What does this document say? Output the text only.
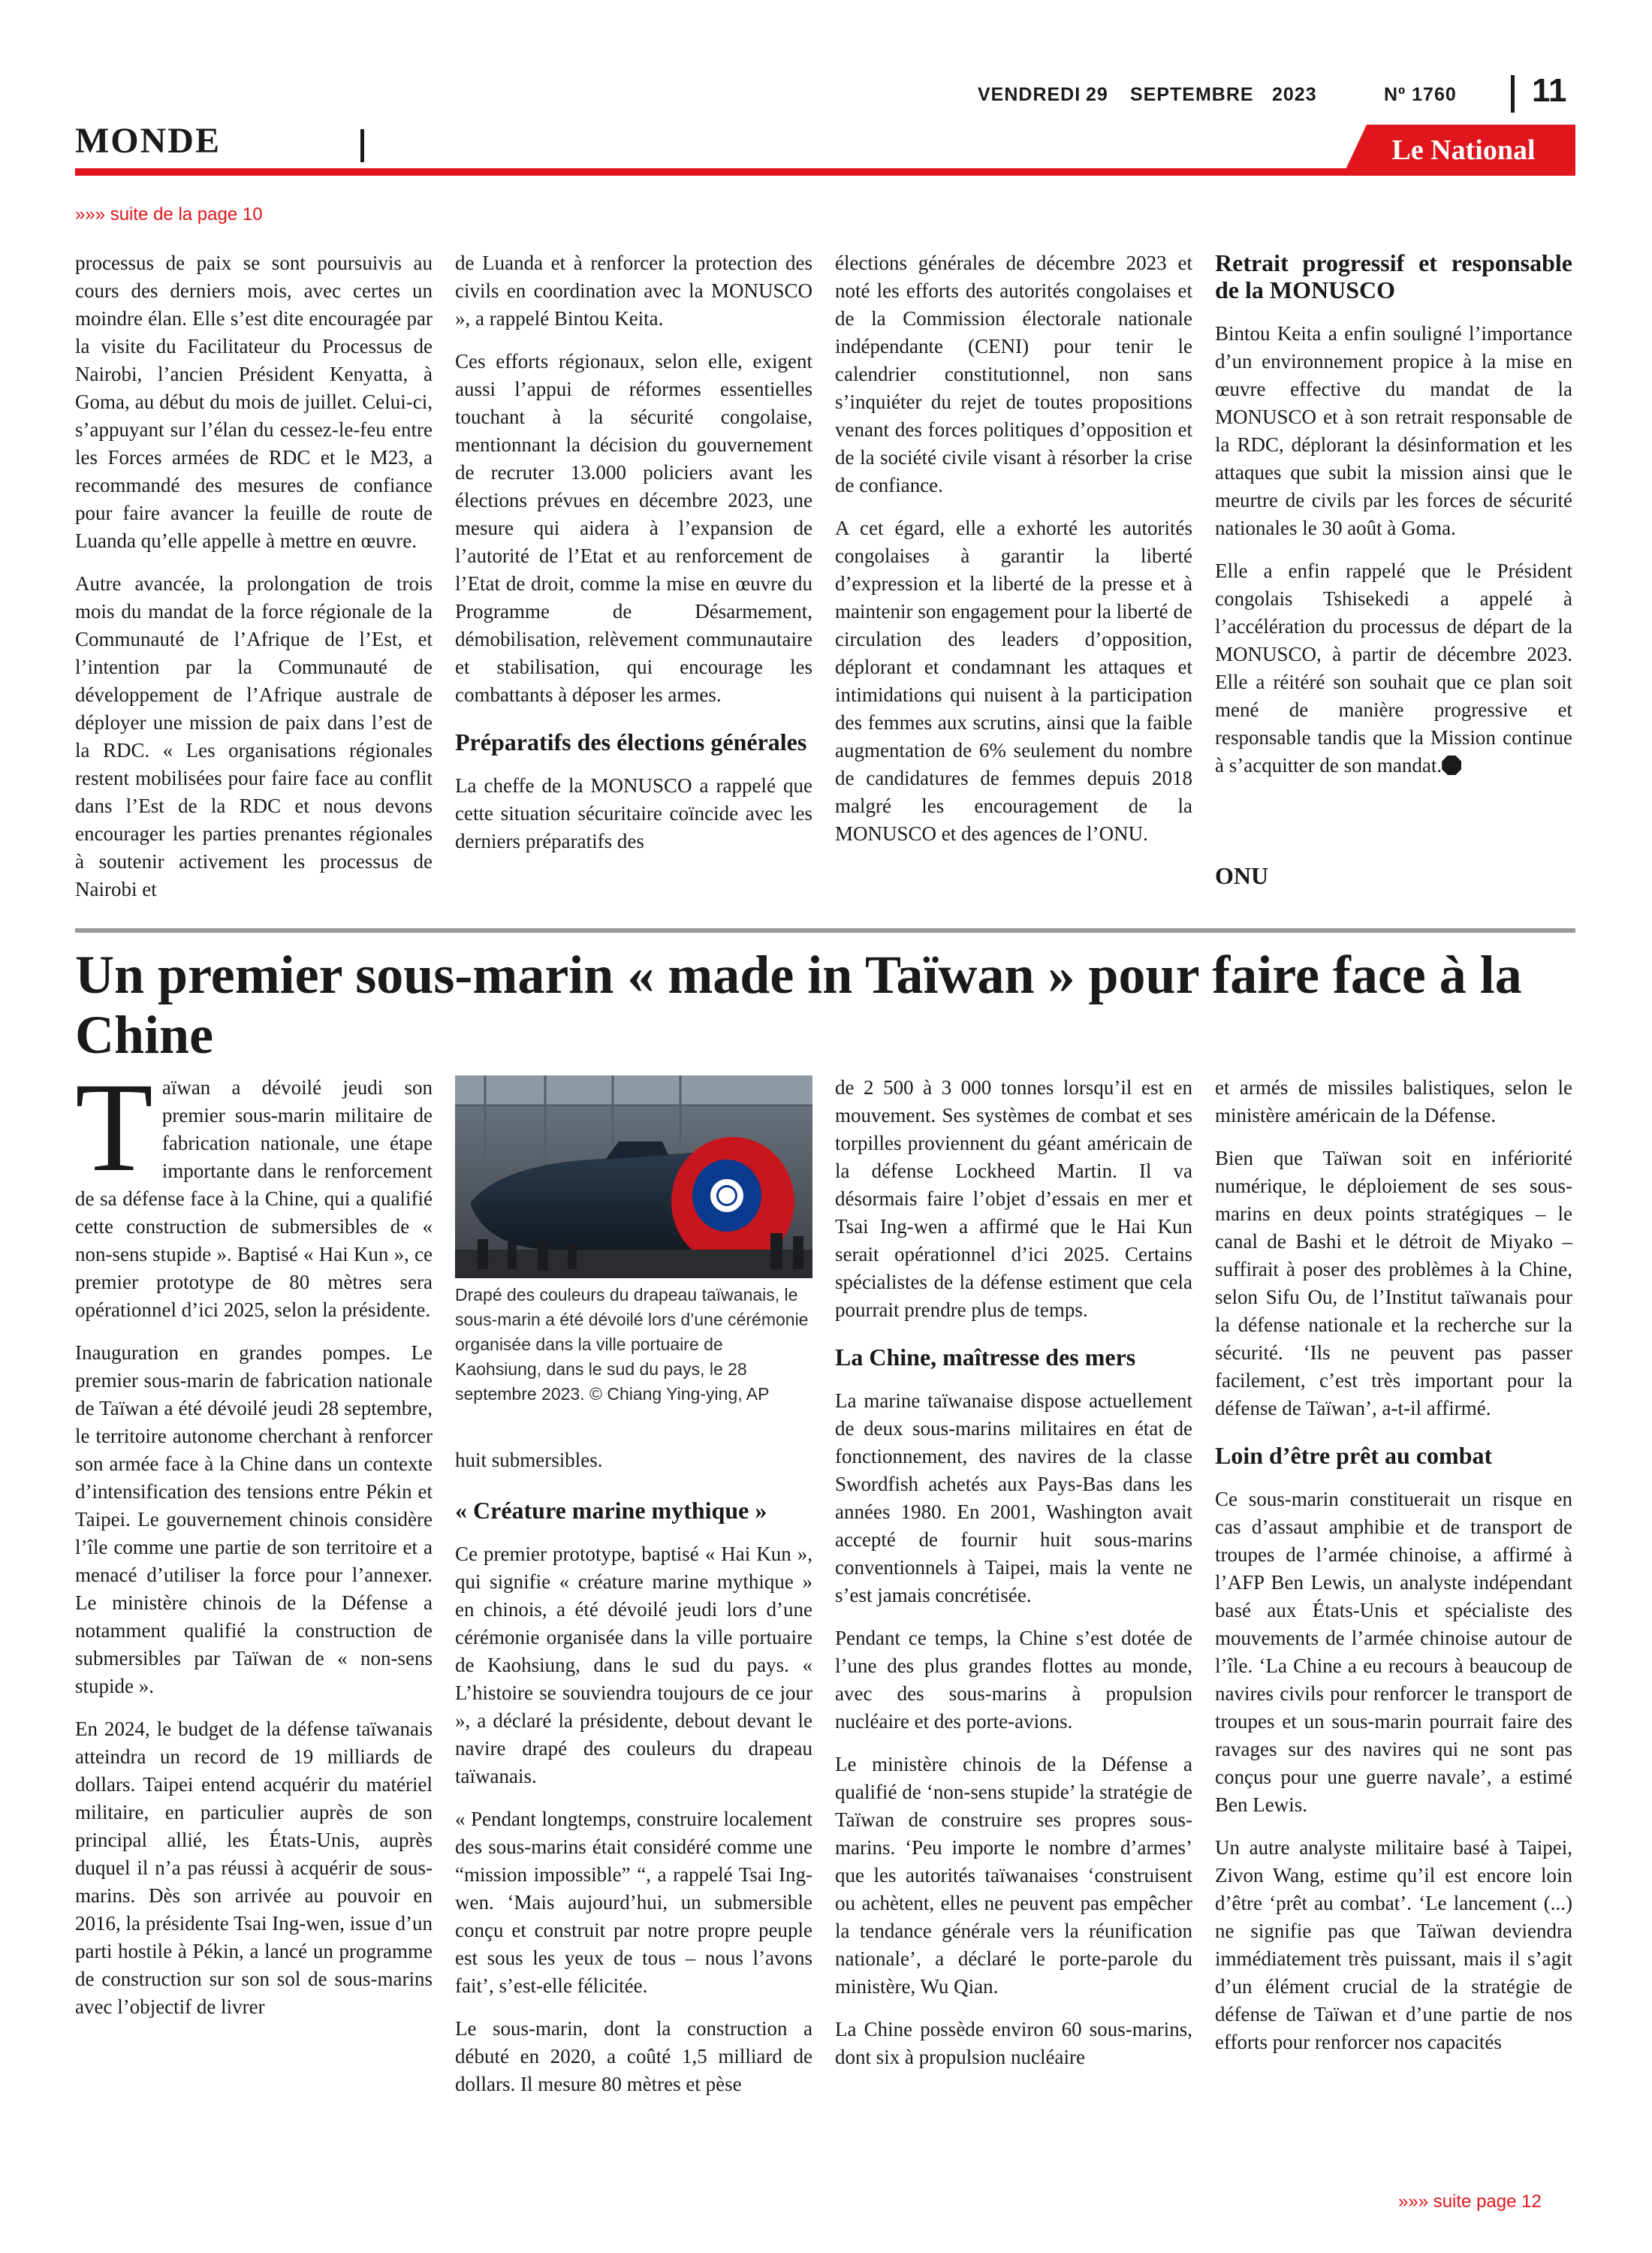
VENDREDI 29 SEPTEMBRE 2023	Nº 1760 11
MONDE	Le National
»»» suite de la page 10

processus de paix se sont poursuivis au cours des derniers mois, avec certes un moindre élan. Elle s’est dite encouragée par la visite du Facilitateur du Processus de Nairobi, l’ancien Président Kenyatta, à Goma, au début du mois de juillet. Celui-ci, s’appuyant sur l’élan du cessez-le-feu entre les Forces armées de RDC et le M23, a recommandé des mesures de confiance pour faire avancer la feuille de route de Luanda qu’elle appelle à mettre en œuvre.

Autre avancée, la prolongation de trois mois du mandat de la force régionale de la Communauté de l’Afrique de l’Est, et l’intention par la Communauté de développement de l’Afrique australe de déployer une mission de paix dans l’est de la RDC. « Les organisations régionales restent mobilisées pour faire face au conflit dans l’Est de la RDC et nous devons encourager les parties prenantes régionales à soutenir activement les processus de Nairobi et

de Luanda et à renforcer la protection des civils en coordination avec la MONUSCO », a rappelé Bintou Keita.

Ces efforts régionaux, selon elle, exigent aussi l’appui de réformes essentielles touchant à la sécurité congolaise, mentionnant la décision du gouvernement de recruter 13.000 policiers avant les élections prévues en décembre 2023, une mesure qui aidera à l’expansion de l’autorité de l’Etat et au renforcement de l’Etat de droit, comme la mise en œuvre du Programme de Désarmement, démobilisation, relèvement communautaire et stabilisation, qui encourage les combattants à déposer les armes.

Préparatifs des élections générales

La cheffe de la MONUSCO a rappelé que cette situation sécuritaire coïncide avec les derniers préparatifs des

élections générales de décembre 2023 et noté les efforts des autorités congolaises et de la Commission électorale nationale indépendante (CENI) pour tenir le calendrier constitutionnel, non sans s’inquiéter du rejet de toutes propositions venant des forces politiques d’opposition et de la société civile visant à résorber la crise de confiance.

A cet égard, elle a exhorté les autorités congolaises à garantir la liberté d’expression et la liberté de la presse et à maintenir son engagement pour la liberté de circulation des leaders d’opposition, déplorant et condamnant les attaques et intimidations qui nuisent à la participation des femmes aux scrutins, ainsi que la faible augmentation de 6% seulement du nombre de candidatures de femmes depuis 2018 malgré les encouragement de la MONUSCO et des agences de l’ONU.

Retrait progressif et responsable de la MONUSCO

Bintou Keita a enfin souligné l’importance d’un environnement propice à la mise en œuvre effective du mandat de la MONUSCO et à son retrait responsable de la RDC, déplorant la désinformation et les attaques que subit la mission ainsi que le meurtre de civils par les forces de sécurité nationales le 30 août à Goma.

Elle a enfin rappelé que le Président congolais Tshisekedi a appelé à l’accélération du processus de départ de la MONUSCO, à partir de décembre 2023. Elle a réitéré son souhait que ce plan soit mené de manière progressive et responsable tandis que la Mission continue à s’acquitter de son mandat.

ONU
Un premier sous-marin « made in Taïwan » pour faire face à la Chine

Taïwan a dévoilé jeudi son premier sous-marin militaire de fabrication nationale, une étape importante dans le renforcement de sa défense face à la Chine, qui a qualifié cette construction de submersibles de « non-sens stupide ». Baptisé « Hai Kun », ce premier prototype de 80 mètres sera opérationnel d’ici 2025, selon la présidente.

Inauguration en grandes pompes. Le premier sous-marin de fabrication nationale de Taïwan a été dévoilé jeudi 28 septembre, le territoire autonome cherchant à renforcer son armée face à la Chine dans un contexte d’intensification des tensions entre Pékin et Taipei. Le gouvernement chinois considère l’île comme une partie de son territoire et a menacé d’utiliser la force pour l’annexer. Le ministère chinois de la Défense a notamment qualifié la construction de submersibles par Taïwan de « non-sens stupide ».

En 2024, le budget de la défense taïwanais atteindra un record de 19 milliards de dollars. Taipei entend acquérir du matériel militaire, en particulier auprès de son principal allié, les États-Unis, auprès duquel il n’a pas réussi à acquérir de sous-marins. Dès son arrivée au pouvoir en 2016, la présidente Tsai Ing-wen, issue d’un parti hostile à Pékin, a lancé un programme de construction sur son sol de sous-marins avec l’objectif de livrer

Drapé des couleurs du drapeau taïwanais, le sous-marin a été dévoilé lors d’une cérémonie organisée dans la ville portuaire de Kaohsiung, dans le sud du pays, le 28 septembre 2023. © Chiang Ying-ying, AP

huit submersibles.

« Créature marine mythique »

Ce premier prototype, baptisé « Hai Kun », qui signifie « créature marine mythique » en chinois, a été dévoilé jeudi lors d’une cérémonie organisée dans la ville portuaire de Kaohsiung, dans le sud du pays. « L’histoire se souviendra toujours de ce jour », a déclaré la présidente, debout devant le navire drapé des couleurs du drapeau taïwanais.

« Pendant longtemps, construire localement des sous-marins était considéré comme une “mission impossible” “, a rappelé Tsai Ing-wen. ‘Mais aujourd’hui, un submersible conçu et construit par notre propre peuple est sous les yeux de tous – nous l’avons fait’, s’est-elle félicitée.

Le sous-marin, dont la construction a débuté en 2020, a coûté 1,5 milliard de dollars. Il mesure 80 mètres et pèse

de 2 500 à 3 000 tonnes lorsqu’il est en mouvement. Ses systèmes de combat et ses torpilles proviennent du géant américain de la défense Lockheed Martin. Il va désormais faire l’objet d’essais en mer et Tsai Ing-wen a affirmé que le Hai Kun serait opérationnel d’ici 2025. Certains spécialistes de la défense estiment que cela pourrait prendre plus de temps.

La Chine, maîtresse des mers

La marine taïwanaise dispose actuellement de deux sous-marins militaires en état de fonctionnement, des navires de la classe Swordfish achetés aux Pays-Bas dans les années 1980. En 2001, Washington avait accepté de fournir huit sous-marins conventionnels à Taipei, mais la vente ne s’est jamais concrétisée.

Pendant ce temps, la Chine s’est dotée de l’une des plus grandes flottes au monde, avec des sous-marins à propulsion nucléaire et des porte-avions.

Le ministère chinois de la Défense a qualifié de ‘non-sens stupide’ la stratégie de Taïwan de construire ses propres sous-marins. ‘Peu importe le nombre d’armes’ que les autorités taïwanaises ‘construisent ou achètent, elles ne peuvent pas empêcher la tendance générale vers la réunification nationale’, a déclaré le porte-parole du ministère, Wu Qian.

La Chine possède environ 60 sous-marins, dont six à propulsion nucléaire

et armés de missiles balistiques, selon le ministère américain de la Défense.

Bien que Taïwan soit en infériorité numérique, le déploiement de ses sous-marins en deux points stratégiques – le canal de Bashi et le détroit de Miyako – suffirait à poser des problèmes à la Chine, selon Sifu Ou, de l’Institut taïwanais pour la défense nationale et la recherche sur la sécurité. ‘Ils ne peuvent pas passer facilement, c’est très important pour la défense de Taïwan’, a-t-il affirmé.

Loin d’être prêt au combat

Ce sous-marin constituerait un risque en cas d’assaut amphibie et de transport de troupes de l’armée chinoise, a affirmé à l’AFP Ben Lewis, un analyste indépendant basé aux États-Unis et spécialiste des mouvements de l’armée chinoise autour de l’île. ‘La Chine a eu recours à beaucoup de navires civils pour renforcer le transport de troupes et un sous-marin pourrait faire des ravages sur des navires qui ne sont pas conçus pour une guerre navale’, a estimé Ben Lewis.

Un autre analyste militaire basé à Taipei, Zivon Wang, estime qu’il est encore loin d’être ‘prêt au combat’. ‘Le lancement (...) ne signifie pas que Taïwan deviendra immédiatement très puissant, mais il s’agit d’un élément crucial de la stratégie de défense de Taïwan et d’une partie de nos efforts pour renforcer nos capacités

»»» suite page 12
